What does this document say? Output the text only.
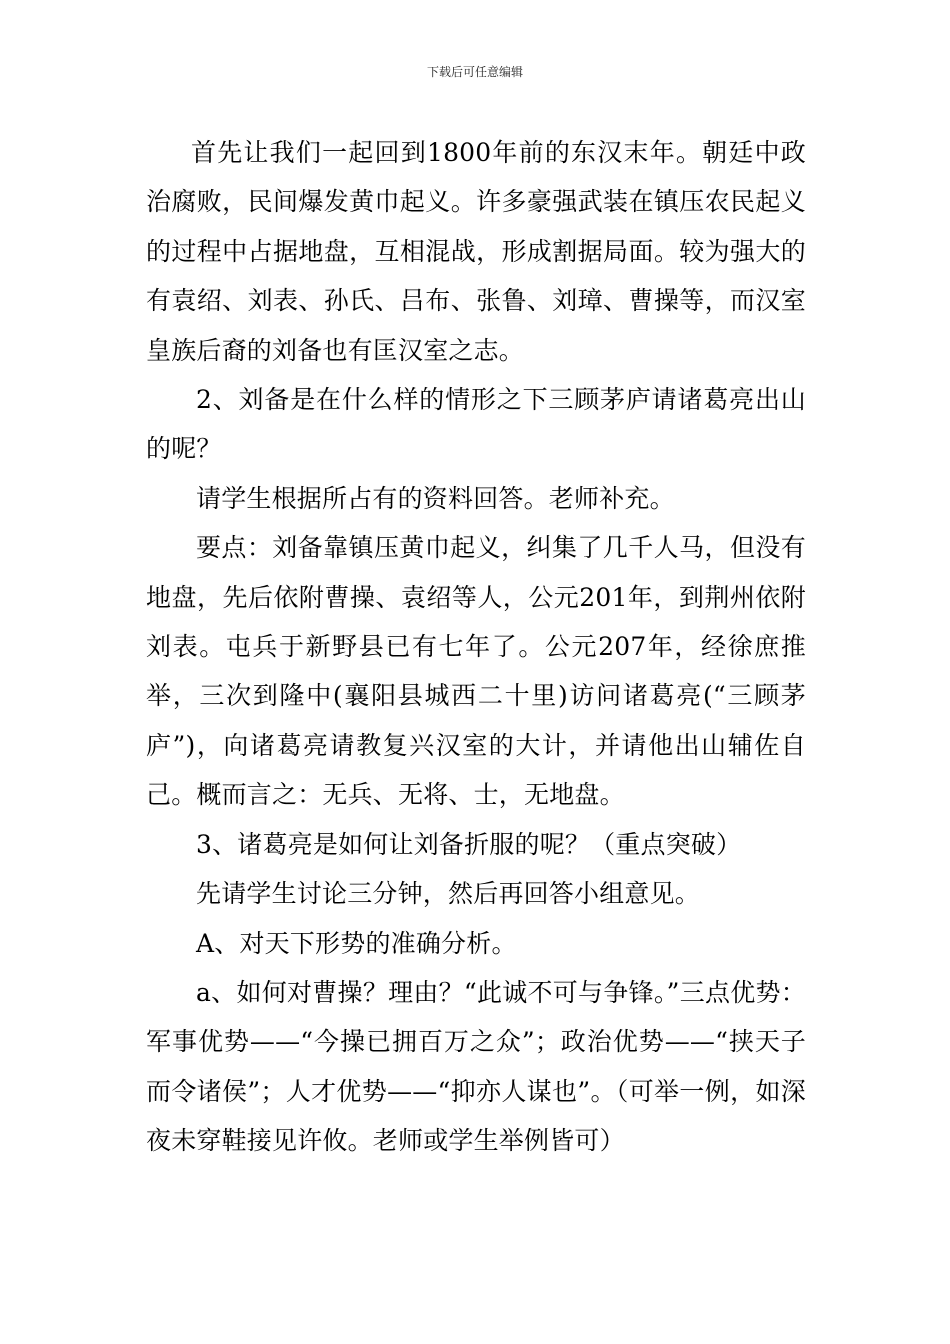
下载后可任意编辑

首先让我们一起回到1800年前的东汉末年。朝廷中政治腐败，民间爆发黄巾起义。许多豪强武装在镇压农民起义的过程中占据地盘，互相混战，形成割据局面。较为强大的有袁绍、刘表、孙氏、吕布、张鲁、刘璋、曹操等，而汉室皇族后裔的刘备也有匡汉室之志。

2、刘备是在什么样的情形之下三顾茅庐请诸葛亮出山的呢？

请学生根据所占有的资料回答。老师补充。

要点：刘备靠镇压黄巾起义，纠集了几千人马，但没有地盘，先后依附曹操、袁绍等人，公元201年，到荆州依附刘表。屯兵于新野县已有七年了。公元207年，经徐庶推举，三次到隆中(襄阳县城西二十里)访问诸葛亮(“三顾茅庐”)，向诸葛亮请教复兴汉室的大计，并请他出山辅佐自己。概而言之：无兵、无将、士，无地盘。

3、诸葛亮是如何让刘备折服的呢？（重点突破）

先请学生讨论三分钟，然后再回答小组意见。

A、对天下形势的准确分析。

a、如何对曹操？理由？“此诚不可与争锋。”三点优势：军事优势——“今操已拥百万之众”；政治优势——“挟天子而令诸侯”；人才优势——“抑亦人谋也”。（可举一例，如深夜未穿鞋接见许攸。老师或学生举例皆可）
